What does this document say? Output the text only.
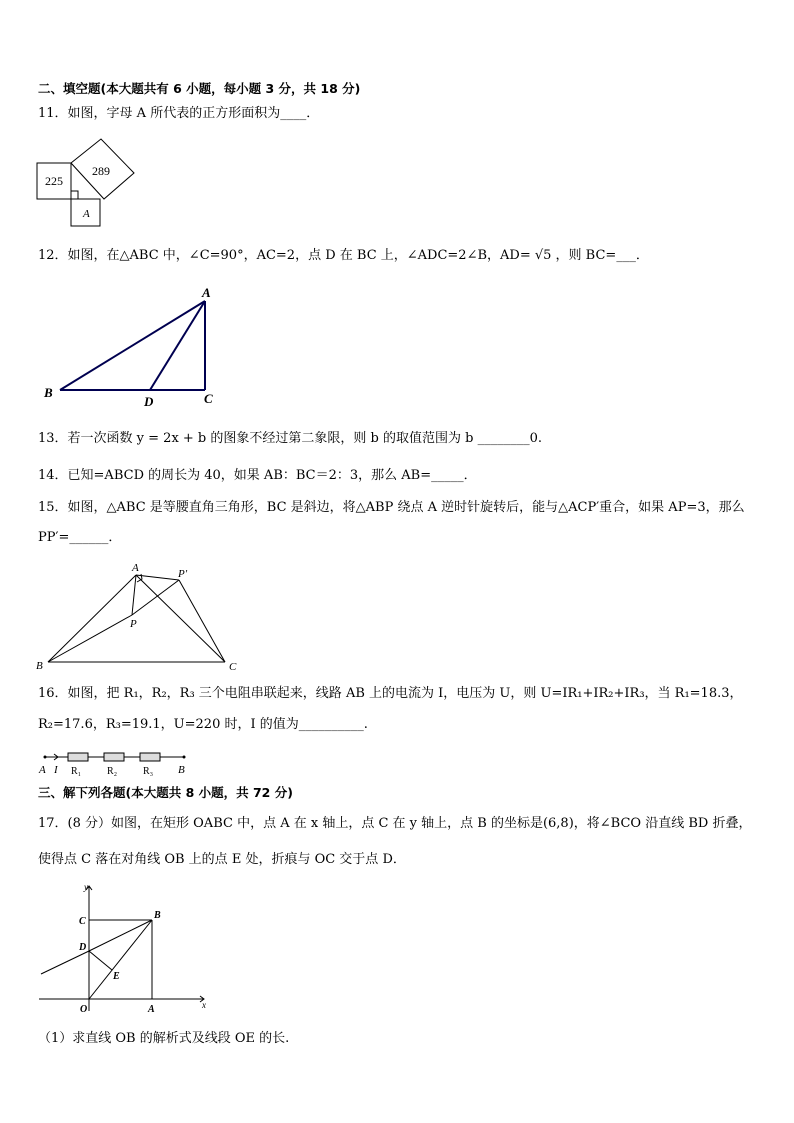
二、填空题(本大题共有 6 小题，每小题 3 分，共 18 分)
11．如图，字母 A 所代表的正方形面积为____．
225
289
A
12．如图，在△ABC 中，∠C=90°，AC=2，点 D 在 BC 上，∠ADC=2∠B，AD= √5 ，则 BC=___．
A
B	C
D
13．若一次函数 y = 2x + b 的图象不经过第二象限，则 b 的取值范围为 b ________0.
14．已知=ABCD 的周长为 40，如果 AB：BC＝2：3，那么 AB=_____．
15．如图，△ABC 是等腰直角三角形，BC 是斜边，将△ABP 绕点 A 逆时针旋转后，能与△ACP′重合，如果 AP=3，那么
PP′=______．
A	P′
P
B	C
16．如图，把 R₁，R₂，R₃ 三个电阻串联起来，线路 AB 上的电流为 I，电压为 U，则 U=IR₁+IR₂+IR₃，当 R₁=18.3，
R₂=17.6，R₃=19.1，U=220 时，I 的值为__________.
A I R₁	R₂	R₃ B
三、解下列各题(本大题共 8 小题，共 72 分)
17．(8 分）如图，在矩形 OABC 中，点 A 在 x 轴上，点 C 在 y 轴上，点 B 的坐标是(6,8)，将∠BCO 沿直线 BD 折叠，
使得点 C 落在对角线 OB 上的点 E 处，折痕与 OC 交于点 D．
y
x
C
B
D
E
O	A
（1）求直线 OB 的解析式及线段 OE 的长.
